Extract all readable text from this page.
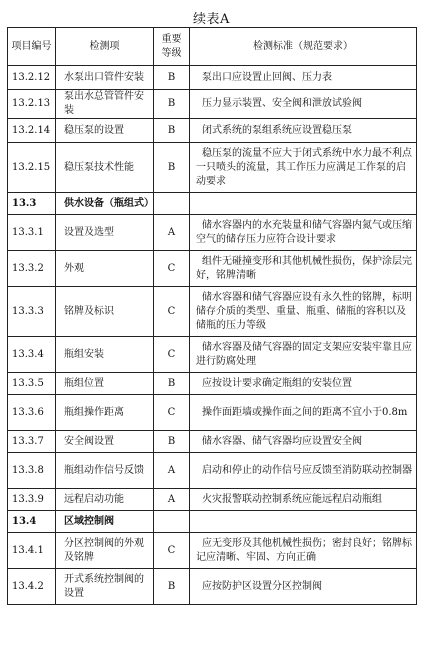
续表A
项目编号	检测项	重要等级	检测标准（规范要求）
13.2.12	水泵出口管件安装	B	泵出口应设置止回阀、压力表
13.2.13	泵出水总管管件安装	B	压力显示装置、安全阀和泄放试验阀
13.2.14	稳压泵的设置	B	闭式系统的泵组系统应设置稳压泵
13.2.15	稳压泵技术性能	B	稳压泵的流量不应大于闭式系统中水力最不利点一只喷头的流量，其工作压力应满足工作泵的启动要求
13.3	供水设备（瓶组式）		
13.3.1	设置及选型	A	储水容器内的水充装量和储气容器内氮气或压缩空气的储存压力应符合设计要求
13.3.2	外观	C	组件无碰撞变形和其他机械性损伤，保护涂层完好，铭牌清晰
13.3.3	铭牌及标识	C	储水容器和储气容器应设有永久性的铭牌，标明储存介质的类型、重量、瓶重、储瓶的容积以及储瓶的压力等级
13.3.4	瓶组安装	C	储水容器及储气容器的固定支架应安装牢靠且应进行防腐处理
13.3.5	瓶组位置	B	应按设计要求确定瓶组的安装位置
13.3.6	瓶组操作距离	C	操作面距墙或操作面之间的距离不宜小于0.8m
13.3.7	安全阀设置	B	储水容器、储气容器均应设置安全阀
13.3.8	瓶组动作信号反馈	A	启动和停止的动作信号应反馈至消防联动控制器
13.3.9	远程启动功能	A	火灾报警联动控制系统应能远程启动瓶组
13.4	区域控制阀		
13.4.1	分区控制阀的外观及铭牌	C	应无变形及其他机械性损伤；密封良好；铭牌标记应清晰、牢固、方向正确
13.4.2	开式系统控制阀的设置	B	应按防护区设置分区控制阀
